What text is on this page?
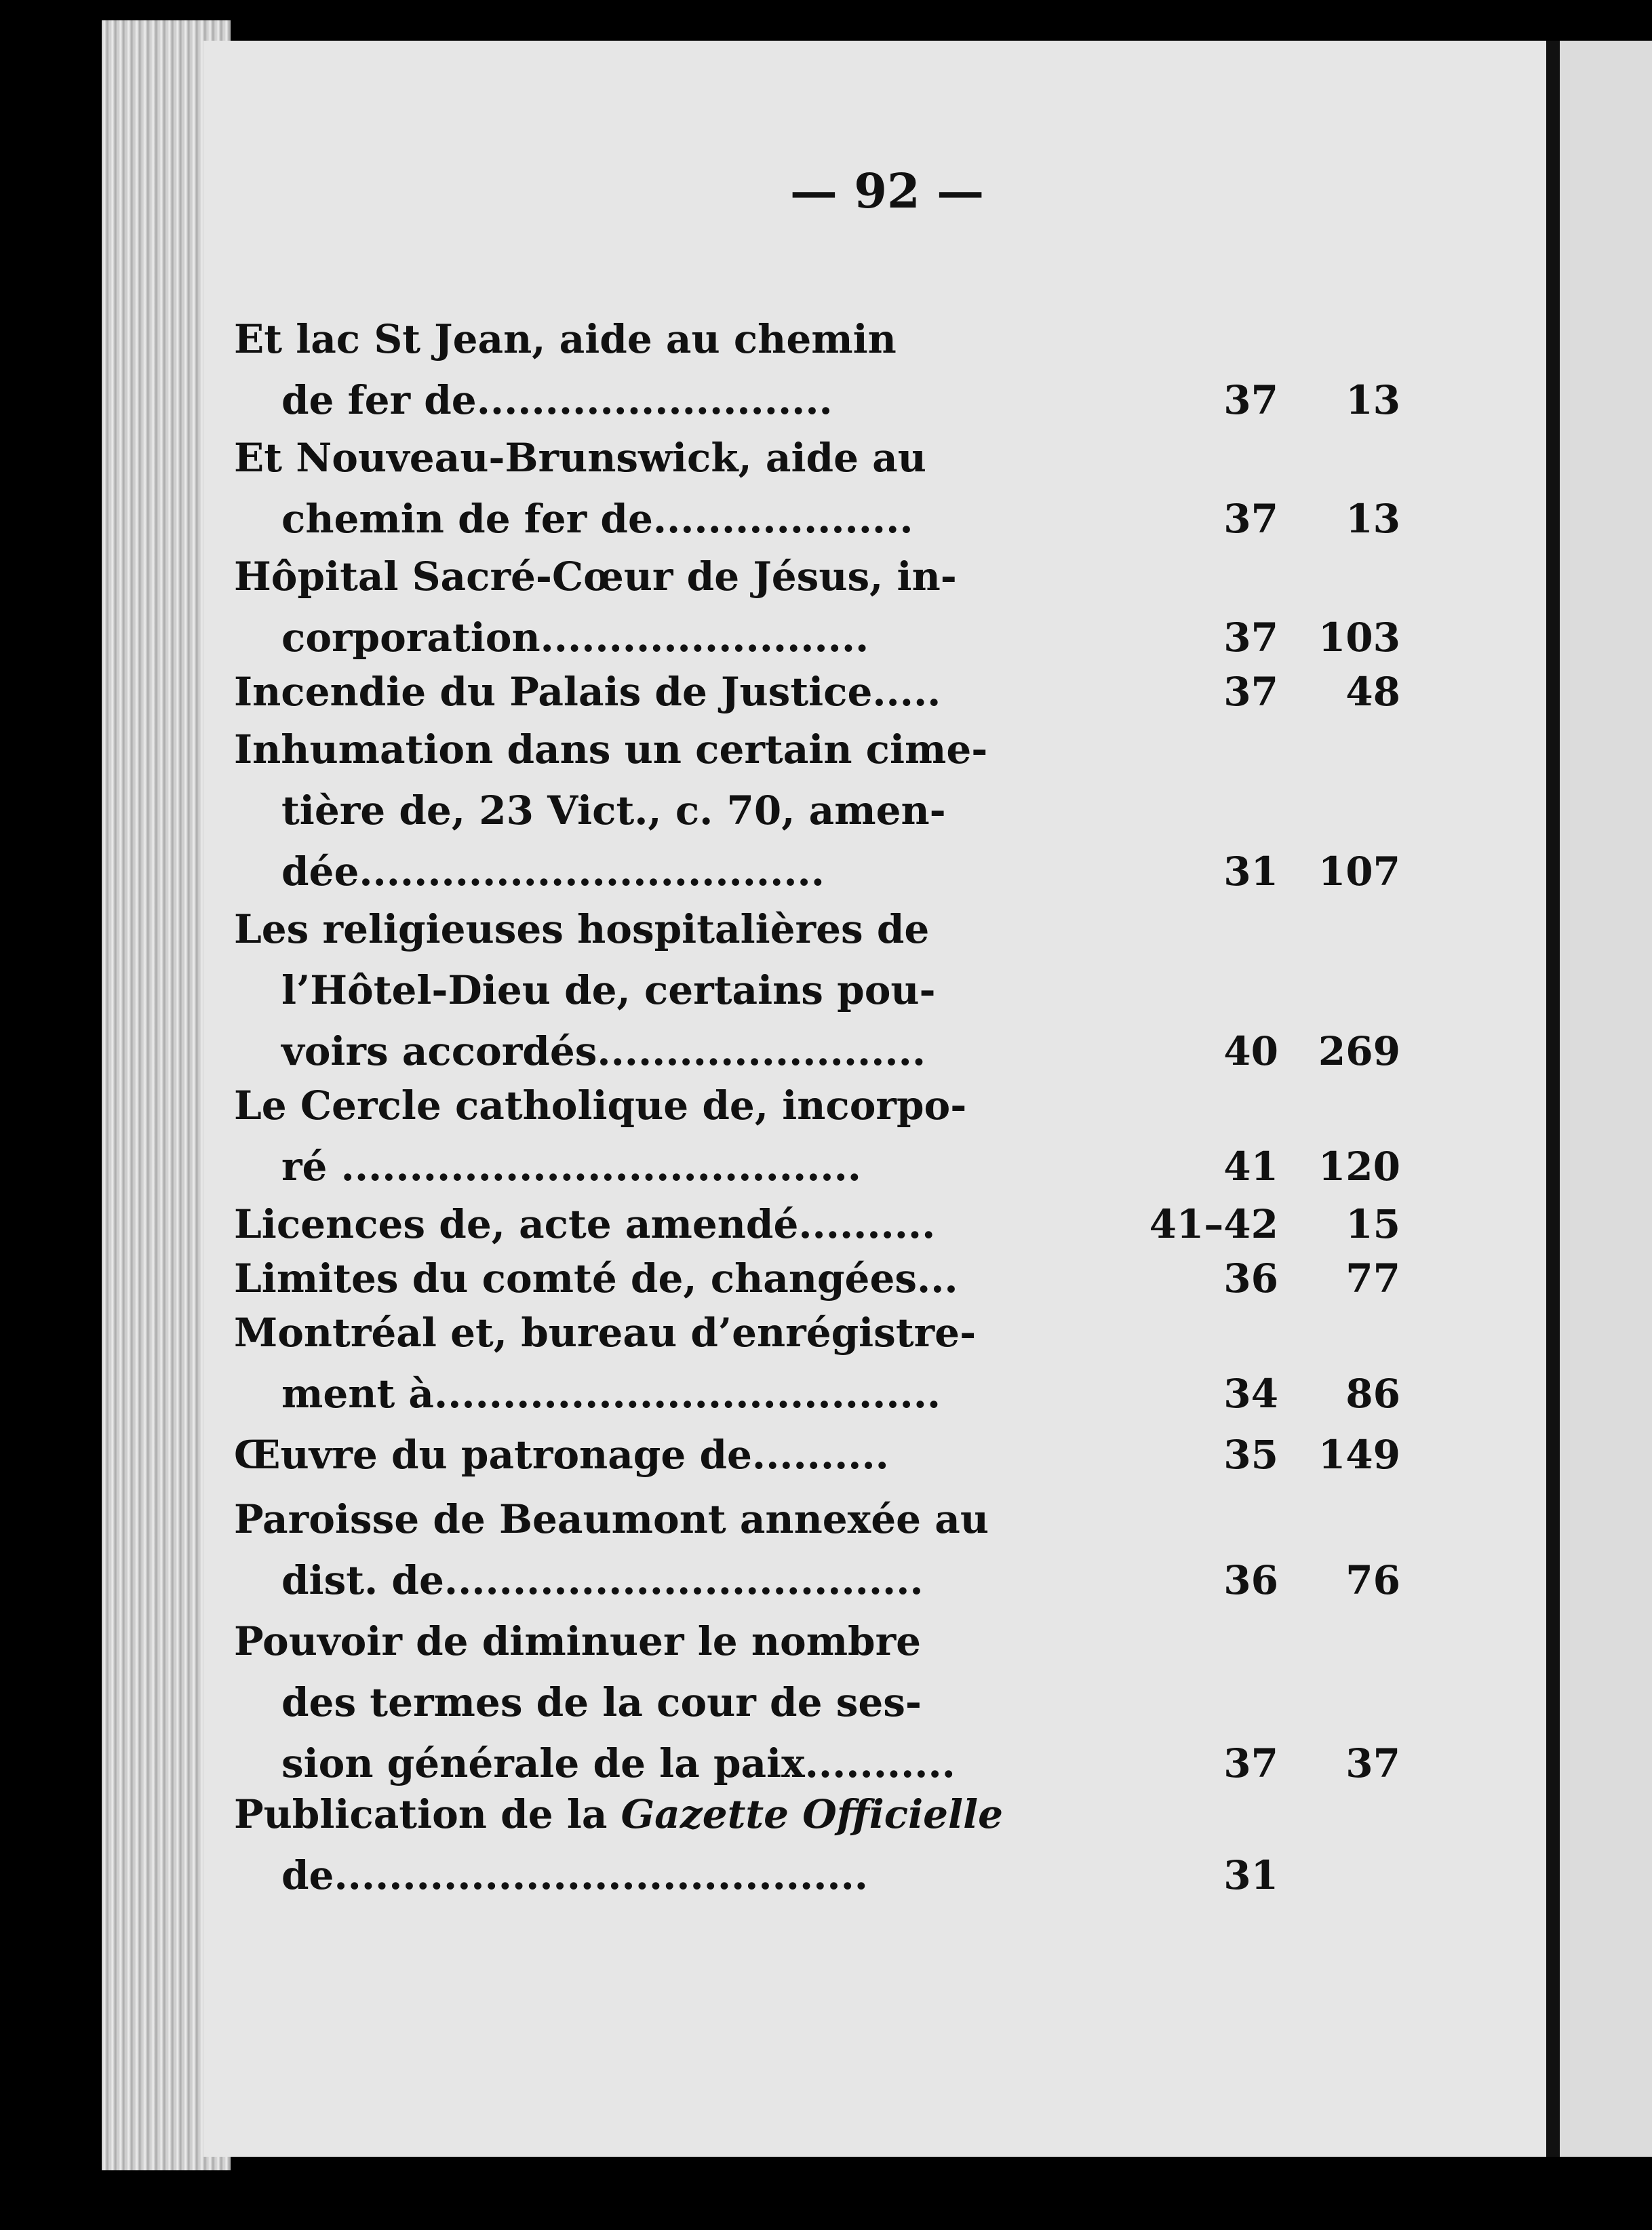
— 92 —
Et lac St Jean, aide au chemin
de fer de..........................	37	13
Et Nouveau-Brunswick, aide au
chemin de fer de...................	37	13
Hôpital Sacré-Cœur de Jésus, in-
corporation........................	37	103
Incendie du Palais de Justice.....	37	48
Inhumation dans un certain cime-
tière de, 23 Vict., c. 70, amen-
dée..................................	31	107
Les religieuses hospitalières de
l’Hôtel-Dieu de, certains pou-
voirs accordés........................	40	269
Le Cercle catholique de, incorpo-
ré ......................................	41	120
Licences de, acte amendé..........	41–42	15
Limites du comté de, changées...	36	77
Montréal et, bureau d’enrégistre-
ment à.....................................	34	86
Œuvre du patronage de..........	35	149
Paroisse de Beaumont annexée au
dist. de...................................	36	76
Pouvoir de diminuer le nombre
des termes de la cour de ses-
sion générale de la paix...........	37	37
Publication de la Gazette Officielle
de.......................................	31
